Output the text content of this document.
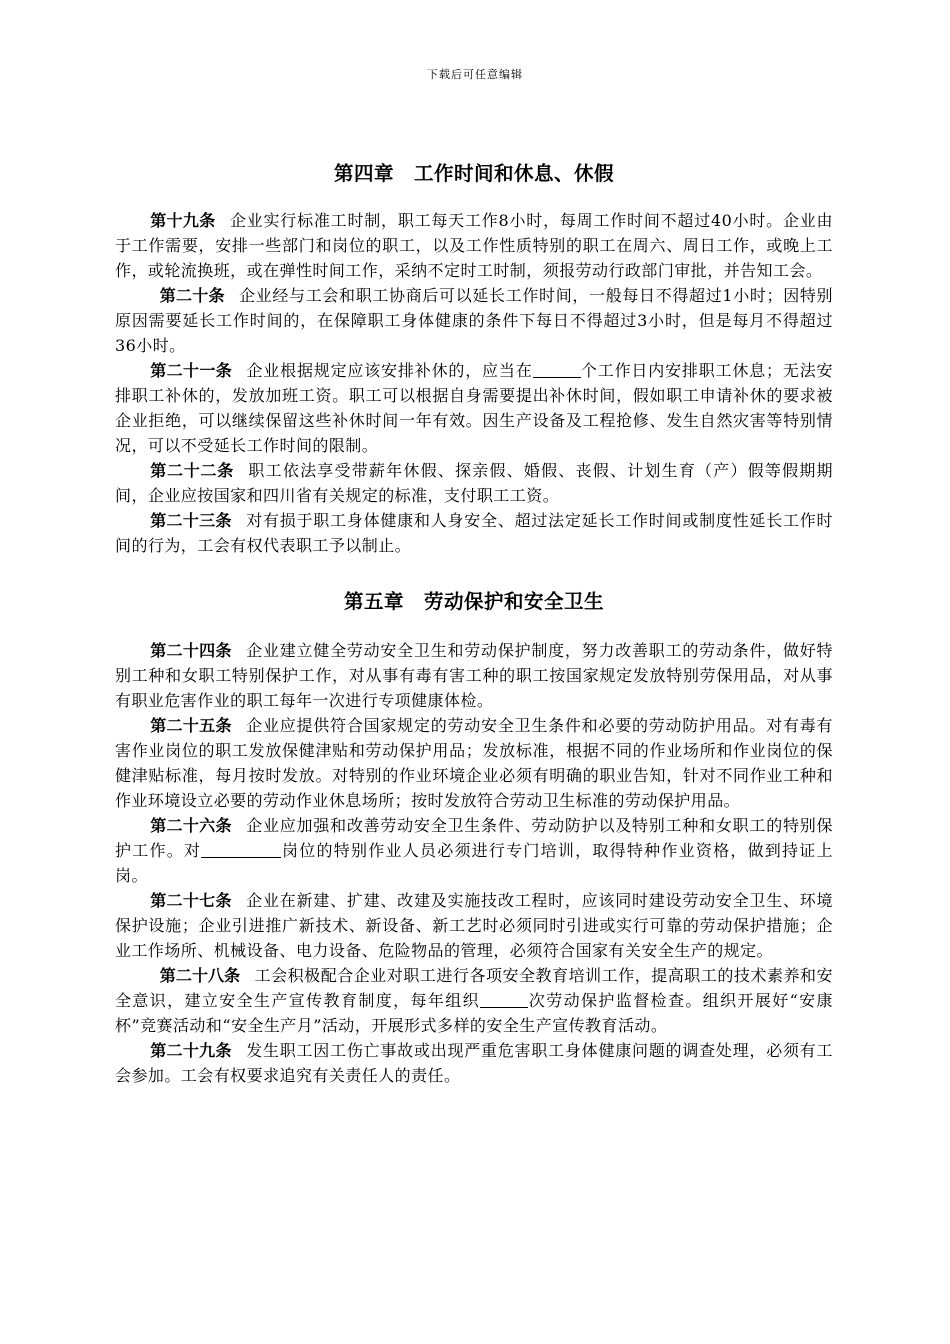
下载后可任意编辑
第四章　工作时间和休息、休假

第十九条 企业实行标准工时制，职工每天工作8小时，每周工作时间不超过40小时。企业由于工作需要，安排一些部门和岗位的职工，以及工作性质特别的职工在周六、周日工作，或晚上工作，或轮流换班，或在弹性时间工作，采纳不定时工时制，须报劳动行政部门审批，并告知工会。

第二十条 企业经与工会和职工协商后可以延长工作时间，一般每日不得超过1小时；因特别原因需要延长工作时间的，在保障职工身体健康的条件下每日不得超过3小时，但是每月不得超过36小时。

第二十一条 企业根据规定应该安排补休的，应当在	个工作日内安排职工休息；无法安排职工补休的，发放加班工资。职工可以根据自身需要提出补休时间，假如职工申请补休的要求被企业拒绝，可以继续保留这些补休时间一年有效。因生产设备及工程抢修、发生自然灾害等特别情况，可以不受延长工作时间的限制。

第二十二条 职工依法享受带薪年休假、探亲假、婚假、丧假、计划生育（产）假等假期期间，企业应按国家和四川省有关规定的标准，支付职工工资。

第二十三条 对有损于职工身体健康和人身安全、超过法定延长工作时间或制度性延长工作时间的行为，工会有权代表职工予以制止。

第五章　劳动保护和安全卫生

第二十四条 企业建立健全劳动安全卫生和劳动保护制度，努力改善职工的劳动条件，做好特别工种和女职工特别保护工作，对从事有毒有害工种的职工按国家规定发放特别劳保用品，对从事有职业危害作业的职工每年一次进行专项健康体检。

第二十五条 企业应提供符合国家规定的劳动安全卫生条件和必要的劳动防护用品。对有毒有害作业岗位的职工发放保健津贴和劳动保护用品；发放标准，根据不同的作业场所和作业岗位的保健津贴标准，每月按时发放。对特别的作业环境企业必须有明确的职业告知，针对不同作业工种和作业环境设立必要的劳动作业休息场所；按时发放符合劳动卫生标准的劳动保护用品。

第二十六条 企业应加强和改善劳动安全卫生条件、劳动防护以及特别工种和女职工的特别保护工作。对	岗位的特别作业人员必须进行专门培训，取得特种作业资格，做到持证上岗。

第二十七条 企业在新建、扩建、改建及实施技改工程时，应该同时建设劳动安全卫生、环境保护设施；企业引进推广新技术、新设备、新工艺时必须同时引进或实行可靠的劳动保护措施；企业工作场所、机械设备、电力设备、危险物品的管理，必须符合国家有关安全生产的规定。

第二十八条 工会积极配合企业对职工进行各项安全教育培训工作，提高职工的技术素养和安全意识，建立安全生产宣传教育制度，每年组织	次劳动保护监督检查。组织开展好“安康杯”竞赛活动和“安全生产月”活动，开展形式多样的安全生产宣传教育活动。

第二十九条 发生职工因工伤亡事故或出现严重危害职工身体健康问题的调查处理，必须有工会参加。工会有权要求追究有关责任人的责任。
